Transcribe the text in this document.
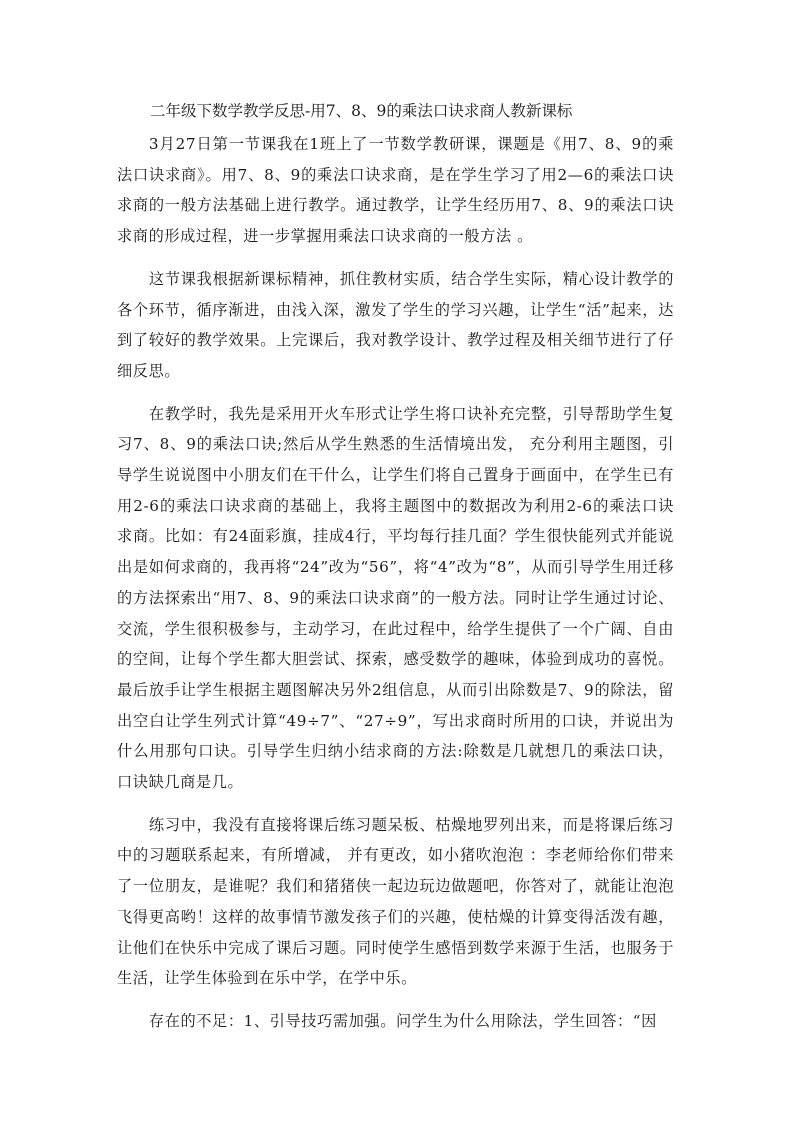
二年级下数学教学反思-用7、8、9的乘法口诀求商人教新课标

3月27日第一节课我在1班上了一节数学教研课，课题是《用7、8、9的乘法口诀求商》。用7、8、9的乘法口诀求商，是在学生学习了用2—6的乘法口诀求商的一般方法基础上进行教学。通过教学，让学生经历用7、8、9的乘法口诀求商的形成过程，进一步掌握用乘法口诀求商的一般方法 。

这节课我根据新课标精神，抓住教材实质，结合学生实际，精心设计教学的各个环节，循序渐进，由浅入深，激发了学生的学习兴趣，让学生“活”起来，达到了较好的教学效果。上完课后，我对教学设计、教学过程及相关细节进行了仔细反思。

在教学时，我先是采用开火车形式让学生将口诀补充完整，引导帮助学生复习7、8、9的乘法口诀;然后从学生熟悉的生活情境出发， 充分利用主题图，引导学生说说图中小朋友们在干什么，让学生们将自己置身于画面中，在学生已有用2-6的乘法口诀求商的基础上，我将主题图中的数据改为利用2-6的乘法口诀求商。比如：有24面彩旗，挂成4行，平均每行挂几面？学生很快能列式并能说出是如何求商的，我再将“24”改为“56”，将“4”改为“8”，从而引导学生用迁移的方法探索出“用7、8、9的乘法口诀求商”的一般方法。同时让学生通过讨论、交流，学生很积极参与，主动学习，在此过程中，给学生提供了一个广阔、自由的空间，让每个学生都大胆尝试、探索，感受数学的趣味，体验到成功的喜悦。最后放手让学生根据主题图解决另外2组信息，从而引出除数是7、9的除法，留出空白让学生列式计算“49÷7”、“27÷9”，写出求商时所用的口诀，并说出为什么用那句口诀。引导学生归纳小结求商的方法:除数是几就想几的乘法口诀，口诀缺几商是几。

练习中，我没有直接将课后练习题呆板、枯燥地罗列出来，而是将课后练习中的习题联系起来，有所增减， 并有更改，如小猪吹泡泡 ：李老师给你们带来了一位朋友，是谁呢？我们和猪猪侠一起边玩边做题吧，你答对了，就能让泡泡飞得更高哟！这样的故事情节激发孩子们的兴趣，使枯燥的计算变得活泼有趣，让他们在快乐中完成了课后习题。同时使学生感悟到数学来源于生活，也服务于生活，让学生体验到在乐中学，在学中乐。

存在的不足：1、引导技巧需加强。问学生为什么用除法，学生回答：“因
